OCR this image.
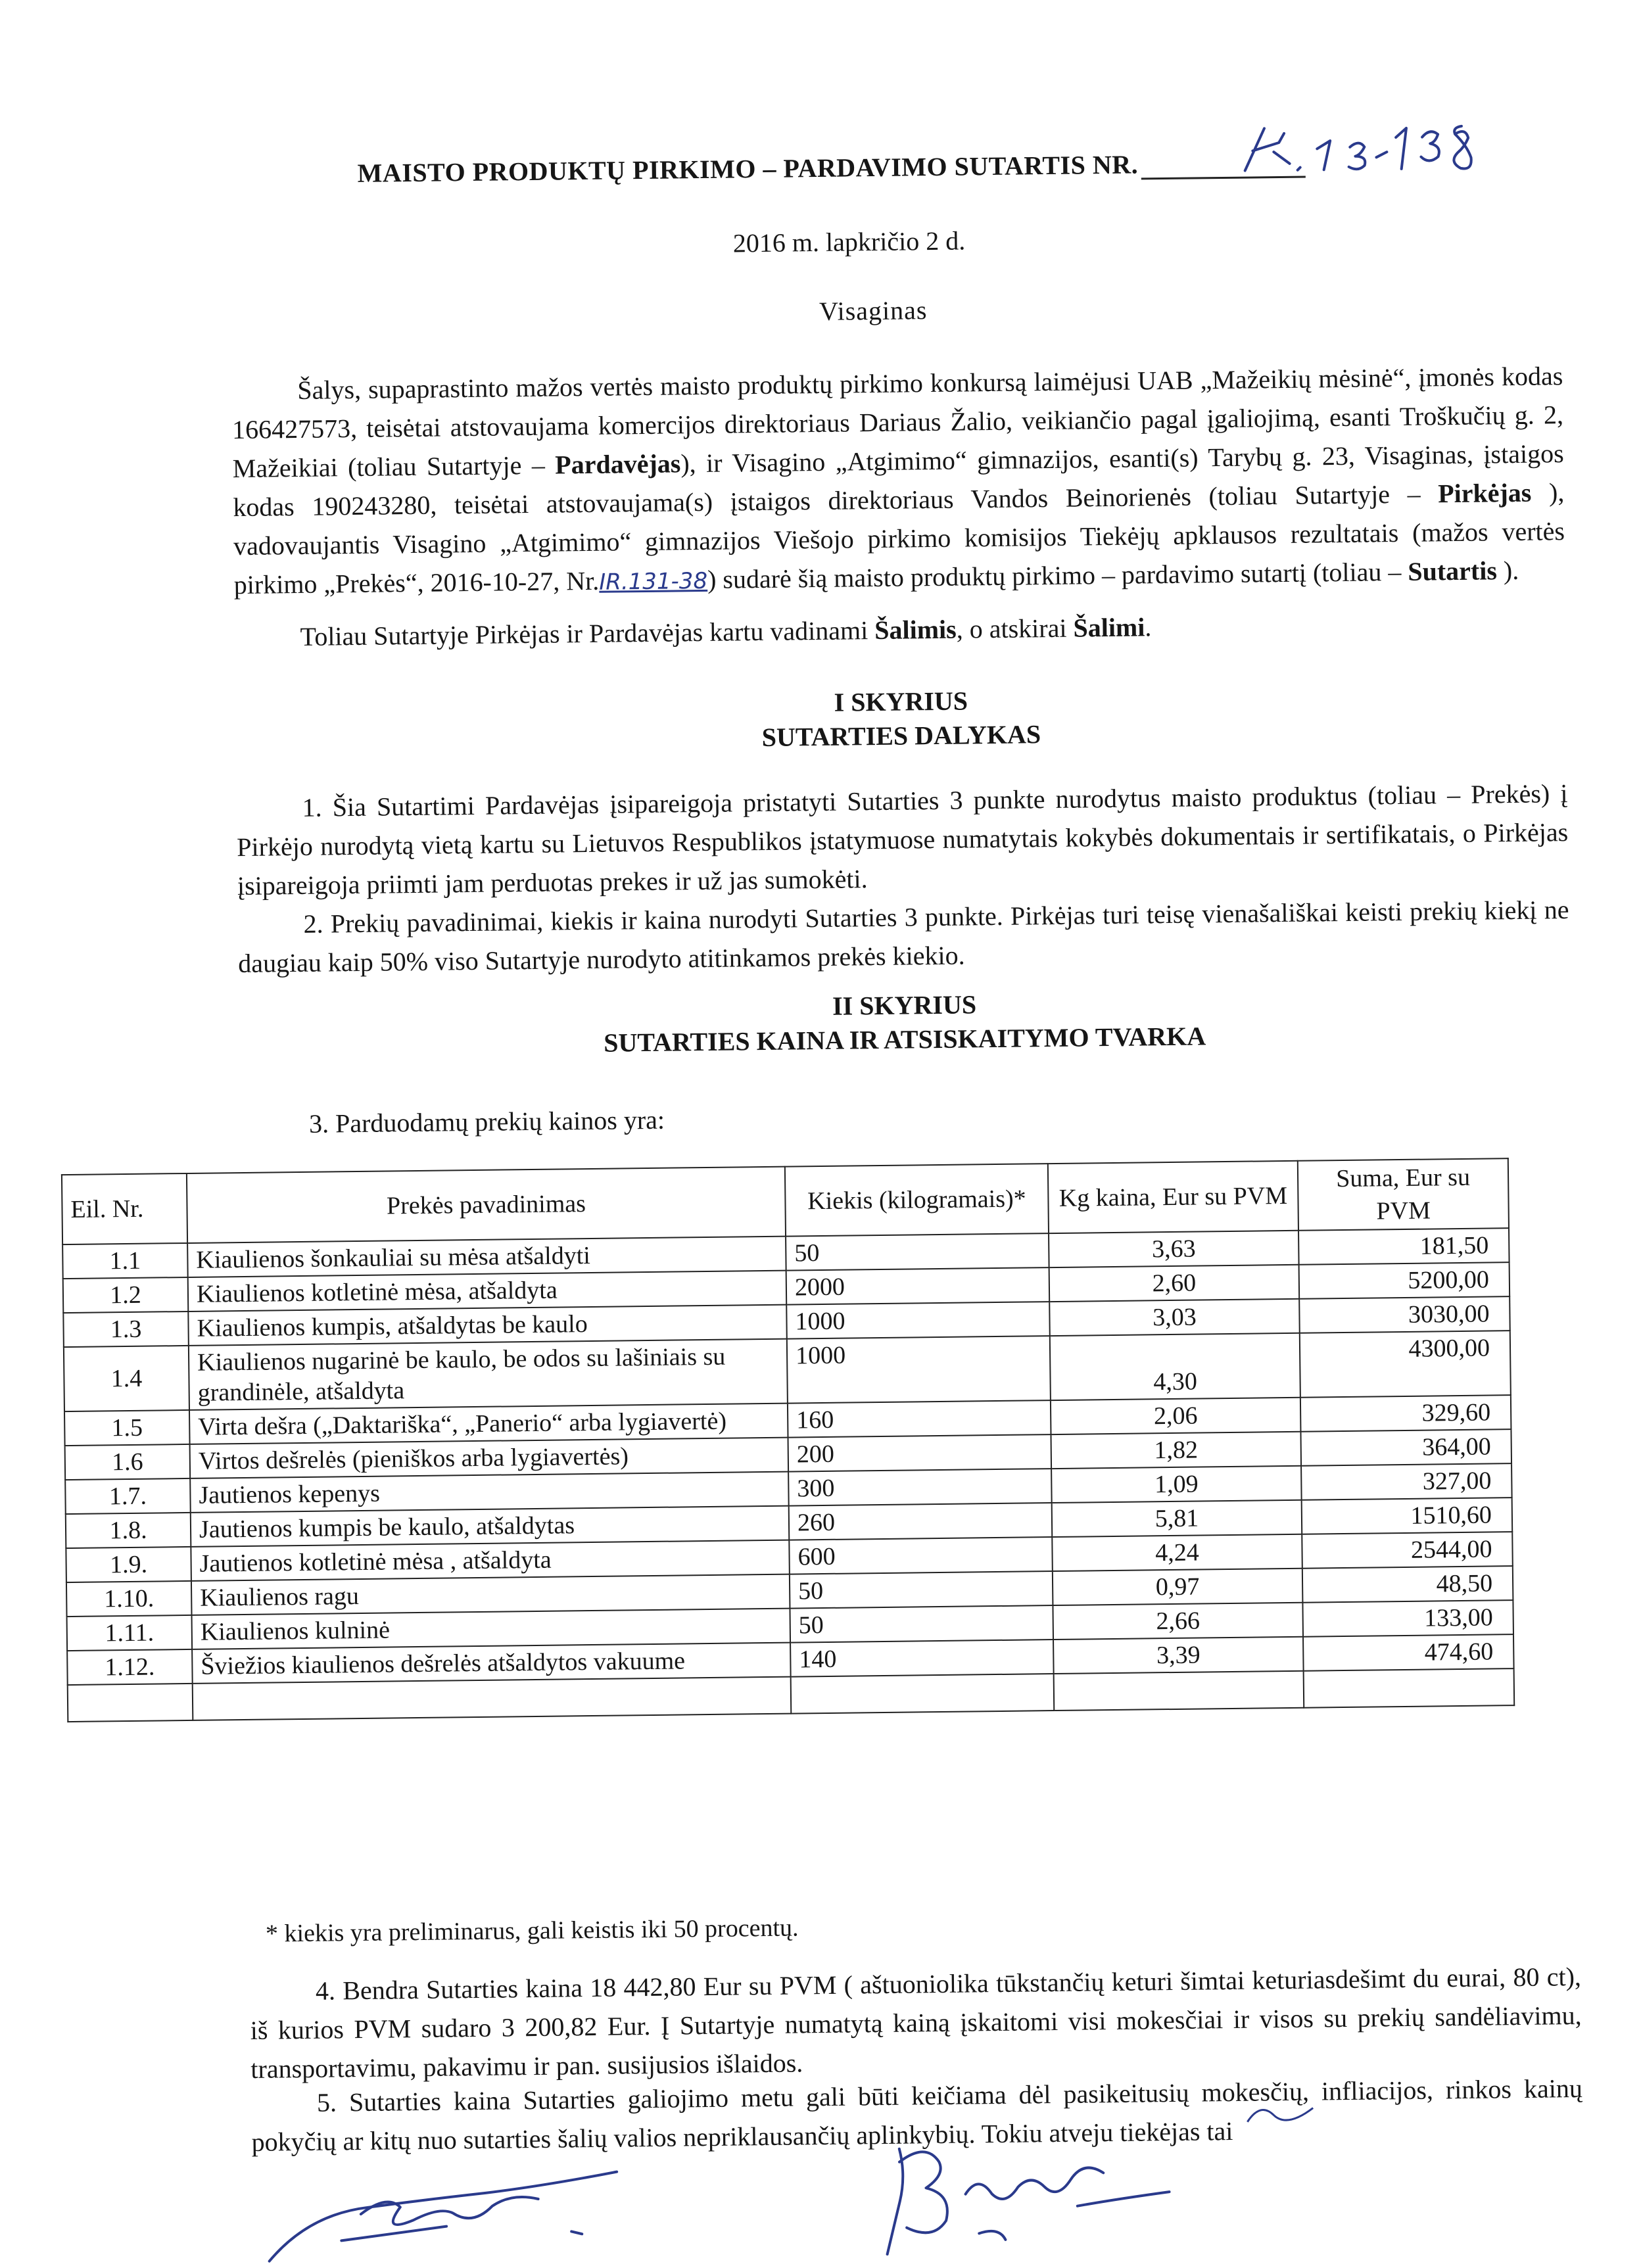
MAISTO PRODUKTŲ PIRKIMO – PARDAVIMO SUTARTIS NR.
2016 m. lapkričio 2 d.
Visaginas
Šalys, supaprastinto mažos vertės maisto produktų pirkimo konkursą laimėjusi UAB „Mažeikių mėsinė“, įmonės kodas 166427573, teisėtai atstovaujama komercijos direktoriaus Dariaus Žalio, veikiančio pagal įgaliojimą, esanti Troškučių g. 2, Mažeikiai (toliau Sutartyje – Pardavėjas), ir Visagino „Atgimimo“ gimnazijos, esanti(s) Tarybų g. 23, Visaginas, įstaigos kodas 190243280, teisėtai atstovaujama(s) įstaigos direktoriaus Vandos Beinorienės (toliau Sutartyje – Pirkėjas ), vadovaujantis Visagino „Atgimimo“ gimnazijos Viešojo pirkimo komisijos Tiekėjų apklausos rezultatais (mažos vertės pirkimo „Prekės“, 2016-10-27, Nr.IR.131-38) sudarė šią maisto produktų pirkimo – pardavimo sutartį (toliau – Sutartis ).
Toliau Sutartyje Pirkėjas ir Pardavėjas kartu vadinami Šalimis, o atskirai Šalimi.
I SKYRIUS
SUTARTIES DALYKAS
1. Šia Sutartimi Pardavėjas įsipareigoja pristatyti Sutarties 3 punkte nurodytus maisto produktus (toliau – Prekės) į Pirkėjo nurodytą vietą kartu su Lietuvos Respublikos įstatymuose numatytais kokybės dokumentais ir sertifikatais, o Pirkėjas įsipareigoja priimti jam perduotas prekes ir už jas sumokėti.
2. Prekių pavadinimai, kiekis ir kaina nurodyti Sutarties 3 punkte. Pirkėjas turi teisę vienašališkai keisti prekių kiekį ne daugiau kaip 50% viso Sutartyje nurodyto atitinkamos prekės kiekio.
II SKYRIUS
SUTARTIES KAINA IR ATSISKAITYMO TVARKA
3. Parduodamų prekių kainos yra:
Eil. Nr.	Prekės pavadinimas	Kiekis (kilogramais)*	Kg kaina, Eur su PVM	Suma, Eur su PVM
1.1	Kiaulienos šonkauliai su mėsa atšaldyti	50	3,63	181,50
1.2	Kiaulienos kotletinė mėsa, atšaldyta	2000	2,60	5200,00
1.3	Kiaulienos kumpis, atšaldytas be kaulo	1000	3,03	3030,00
1.4	Kiaulienos nugarinė be kaulo, be odos su lašiniais su grandinėle, atšaldyta	1000	4,30	4300,00
1.5	Virta dešra („Daktariška“, „Panerio“ arba lygiavertė)	160	2,06	329,60
1.6	Virtos dešrelės (pieniškos arba lygiavertės)	200	1,82	364,00
1.7.	Jautienos kepenys	300	1,09	327,00
1.8.	Jautienos kumpis be kaulo, atšaldytas	260	5,81	1510,60
1.9.	Jautienos kotletinė mėsa , atšaldyta	600	4,24	2544,00
1.10.	Kiaulienos ragu	50	0,97	48,50
1.11.	Kiaulienos kulninė	50	2,66	133,00
1.12.	Šviežios kiaulienos dešrelės atšaldytos vakuume	140	3,39	474,60

* kiekis yra preliminarus, gali keistis iki 50 procentų.
4. Bendra Sutarties kaina 18 442,80 Eur su PVM ( aštuoniolika tūkstančių keturi šimtai keturiasdešimt du eurai, 80 ct), iš kurios PVM sudaro 3 200,82 Eur. Į Sutartyje numatytą kainą įskaitomi visi mokesčiai ir visos su prekių sandėliavimu, transportavimu, pakavimu ir pan. susijusios išlaidos.
5. Sutarties kaina Sutarties galiojimo metu gali būti keičiama dėl pasikeitusių mokesčių, infliacijos, rinkos kainų pokyčių ar kitų nuo sutarties šalių valios nepriklausančių aplinkybių. Tokiu atveju tiekėjas tai
